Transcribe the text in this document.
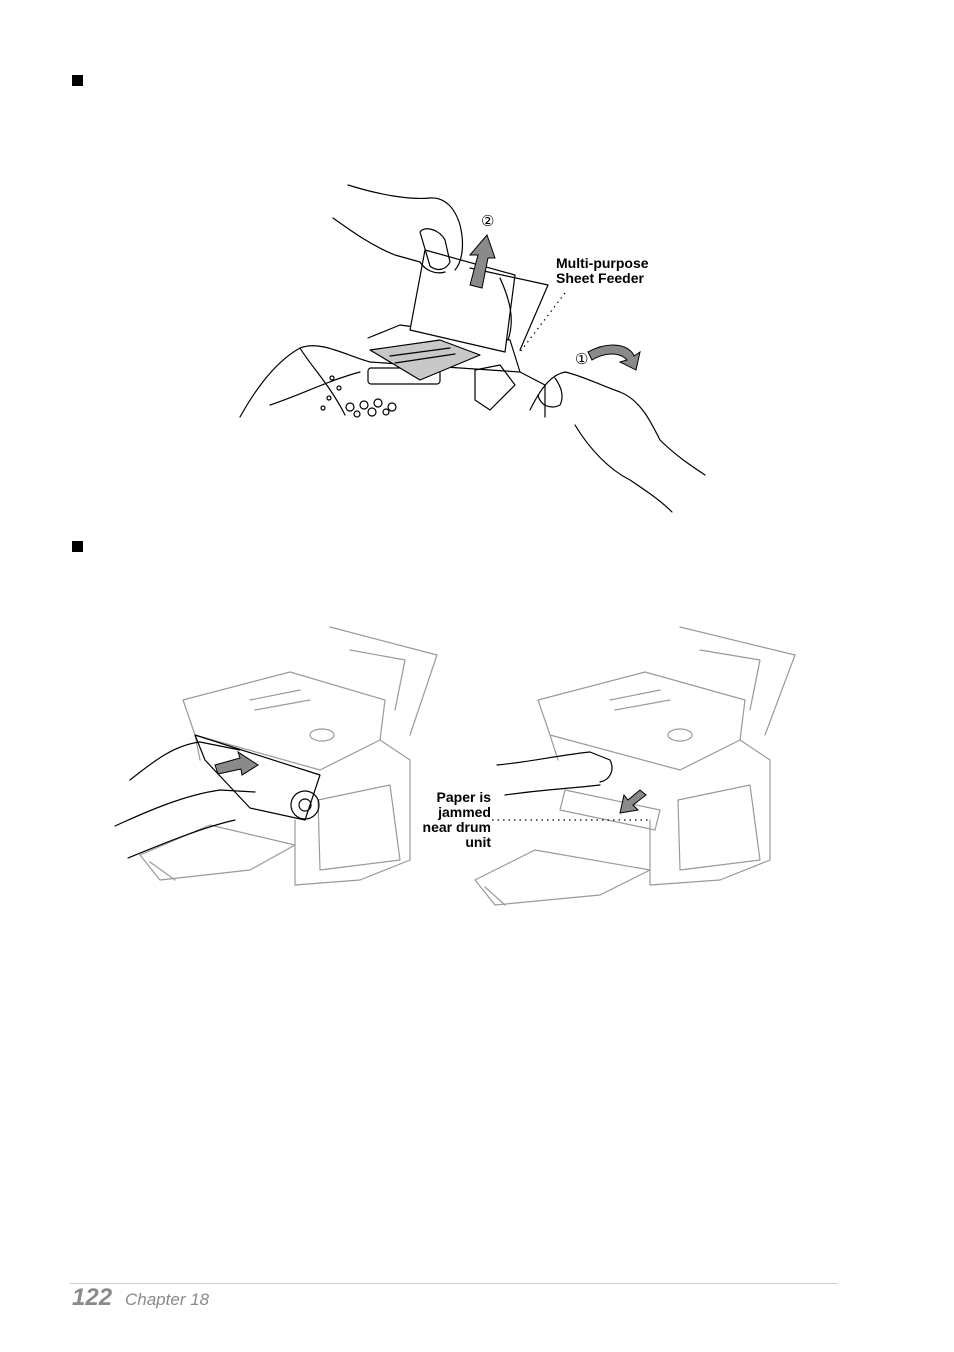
②
①
Multi-purpose
Sheet Feeder
Paper is
jammed
near drum
unit
122 Chapter 18
